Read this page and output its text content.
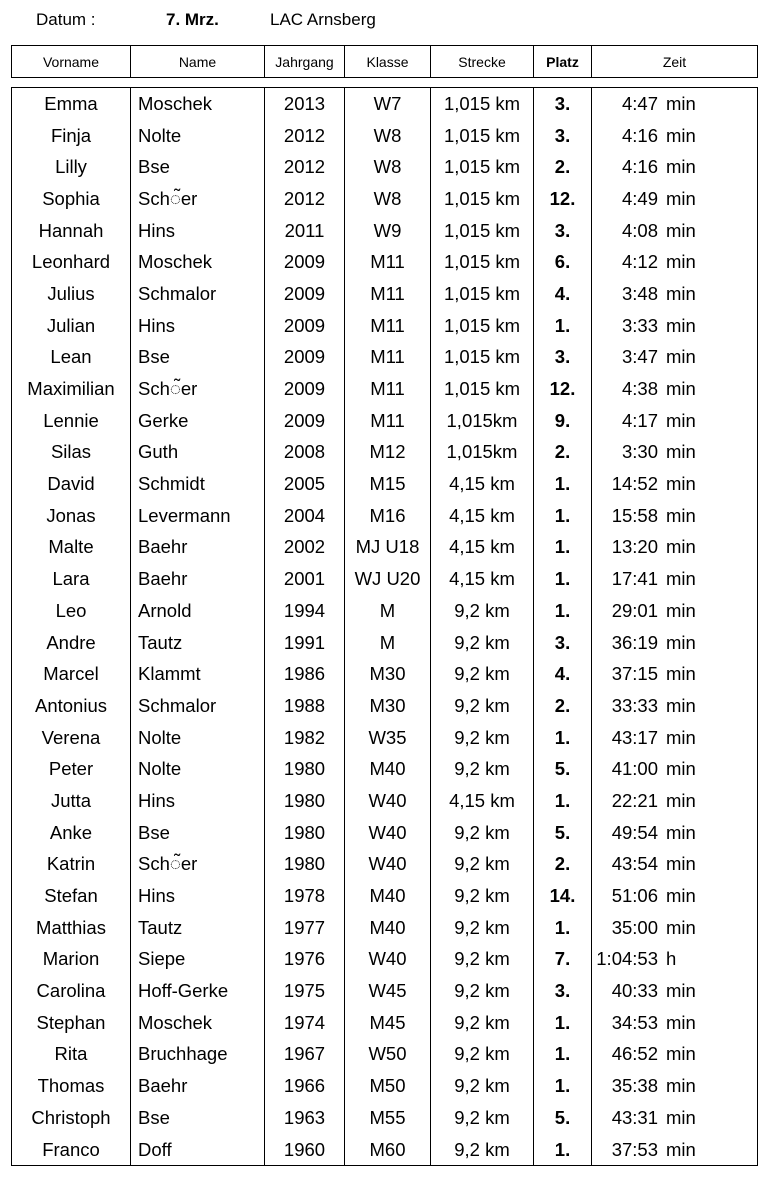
Datum :	7. Mrz.	LAC Arnsberg
Vorname	Name	Jahrgang	Klasse	Strecke	Platz	Zeit
Emma	Moschek	2013	W7	1,015 km	3.	4:47 min
Finja	Nolte	2012	W8	1,015 km	3.	4:16 min
Lilly	Bse	2012	W8	1,015 km	2.	4:16 min
Sophia	Sch◌̃er	2012	W8	1,015 km	12.	4:49 min
Hannah	Hins	2011	W9	1,015 km	3.	4:08 min
Leonhard	Moschek	2009	M11	1,015 km	6.	4:12 min
Julius	Schmalor	2009	M11	1,015 km	4.	3:48 min
Julian	Hins	2009	M11	1,015 km	1.	3:33 min
Lean	Bse	2009	M11	1,015 km	3.	3:47 min
Maximilian	Sch◌̃er	2009	M11	1,015 km	12.	4:38 min
Lennie	Gerke	2009	M11	1,015km	9.	4:17 min
Silas	Guth	2008	M12	1,015km	2.	3:30 min
David	Schmidt	2005	M15	4,15 km	1.	14:52 min
Jonas	Levermann	2004	M16	4,15 km	1.	15:58 min
Malte	Baehr	2002	MJ U18	4,15 km	1.	13:20 min
Lara	Baehr	2001	WJ U20	4,15 km	1.	17:41 min
Leo	Arnold	1994	M	9,2 km	1.	29:01 min
Andre	Tautz	1991	M	9,2 km	3.	36:19 min
Marcel	Klammt	1986	M30	9,2 km	4.	37:15 min
Antonius	Schmalor	1988	M30	9,2 km	2.	33:33 min
Verena	Nolte	1982	W35	9,2 km	1.	43:17 min
Peter	Nolte	1980	M40	9,2 km	5.	41:00 min
Jutta	Hins	1980	W40	4,15 km	1.	22:21 min
Anke	Bse	1980	W40	9,2 km	5.	49:54 min
Katrin	Sch◌̃er	1980	W40	9,2 km	2.	43:54 min
Stefan	Hins	1978	M40	9,2 km	14.	51:06 min
Matthias	Tautz	1977	M40	9,2 km	1.	35:00 min
Marion	Siepe	1976	W40	9,2 km	7.	1:04:53 h
Carolina	Hoff-Gerke	1975	W45	9,2 km	3.	40:33 min
Stephan	Moschek	1974	M45	9,2 km	1.	34:53 min
Rita	Bruchhage	1967	W50	9,2 km	1.	46:52 min
Thomas	Baehr	1966	M50	9,2 km	1.	35:38 min
Christoph	Bse	1963	M55	9,2 km	5.	43:31 min
Franco	Doff	1960	M60	9,2 km	1.	37:53 min
